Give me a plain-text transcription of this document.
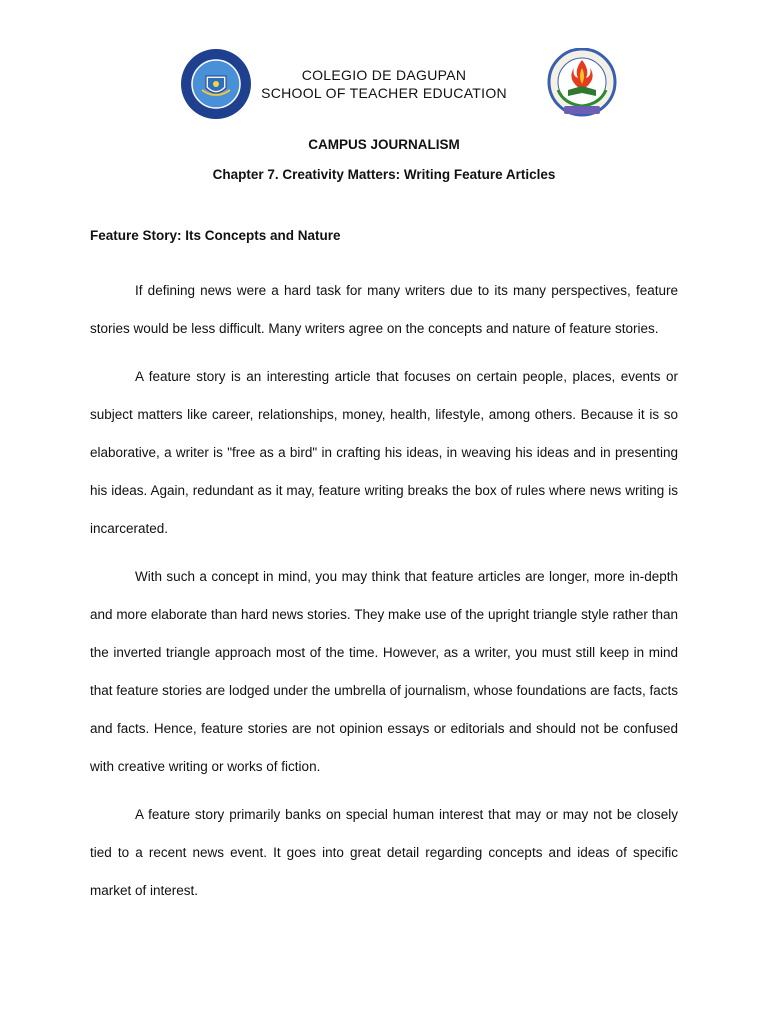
COLEGIO DE DAGUPAN
SCHOOL OF TEACHER EDUCATION
CAMPUS JOURNALISM
Chapter 7. Creativity Matters: Writing Feature Articles
Feature Story: Its Concepts and Nature

If defining news were a hard task for many writers due to its many perspectives, feature stories would be less difficult. Many writers agree on the concepts and nature of feature stories.

A feature story is an interesting article that focuses on certain people, places, events or subject matters like career, relationships, money, health, lifestyle, among others. Because it is so elaborative, a writer is "free as a bird" in crafting his ideas, in weaving his ideas and in presenting his ideas. Again, redundant as it may, feature writing breaks the box of rules where news writing is incarcerated.

With such a concept in mind, you may think that feature articles are longer, more in-depth and more elaborate than hard news stories. They make use of the upright triangle style rather than the inverted triangle approach most of the time. However, as a writer, you must still keep in mind that feature stories are lodged under the umbrella of journalism, whose foundations are facts, facts and facts. Hence, feature stories are not opinion essays or editorials and should not be confused with creative writing or works of fiction.

A feature story primarily banks on special human interest that may or may not be closely tied to a recent news event. It goes into great detail regarding concepts and ideas of specific market of interest.
